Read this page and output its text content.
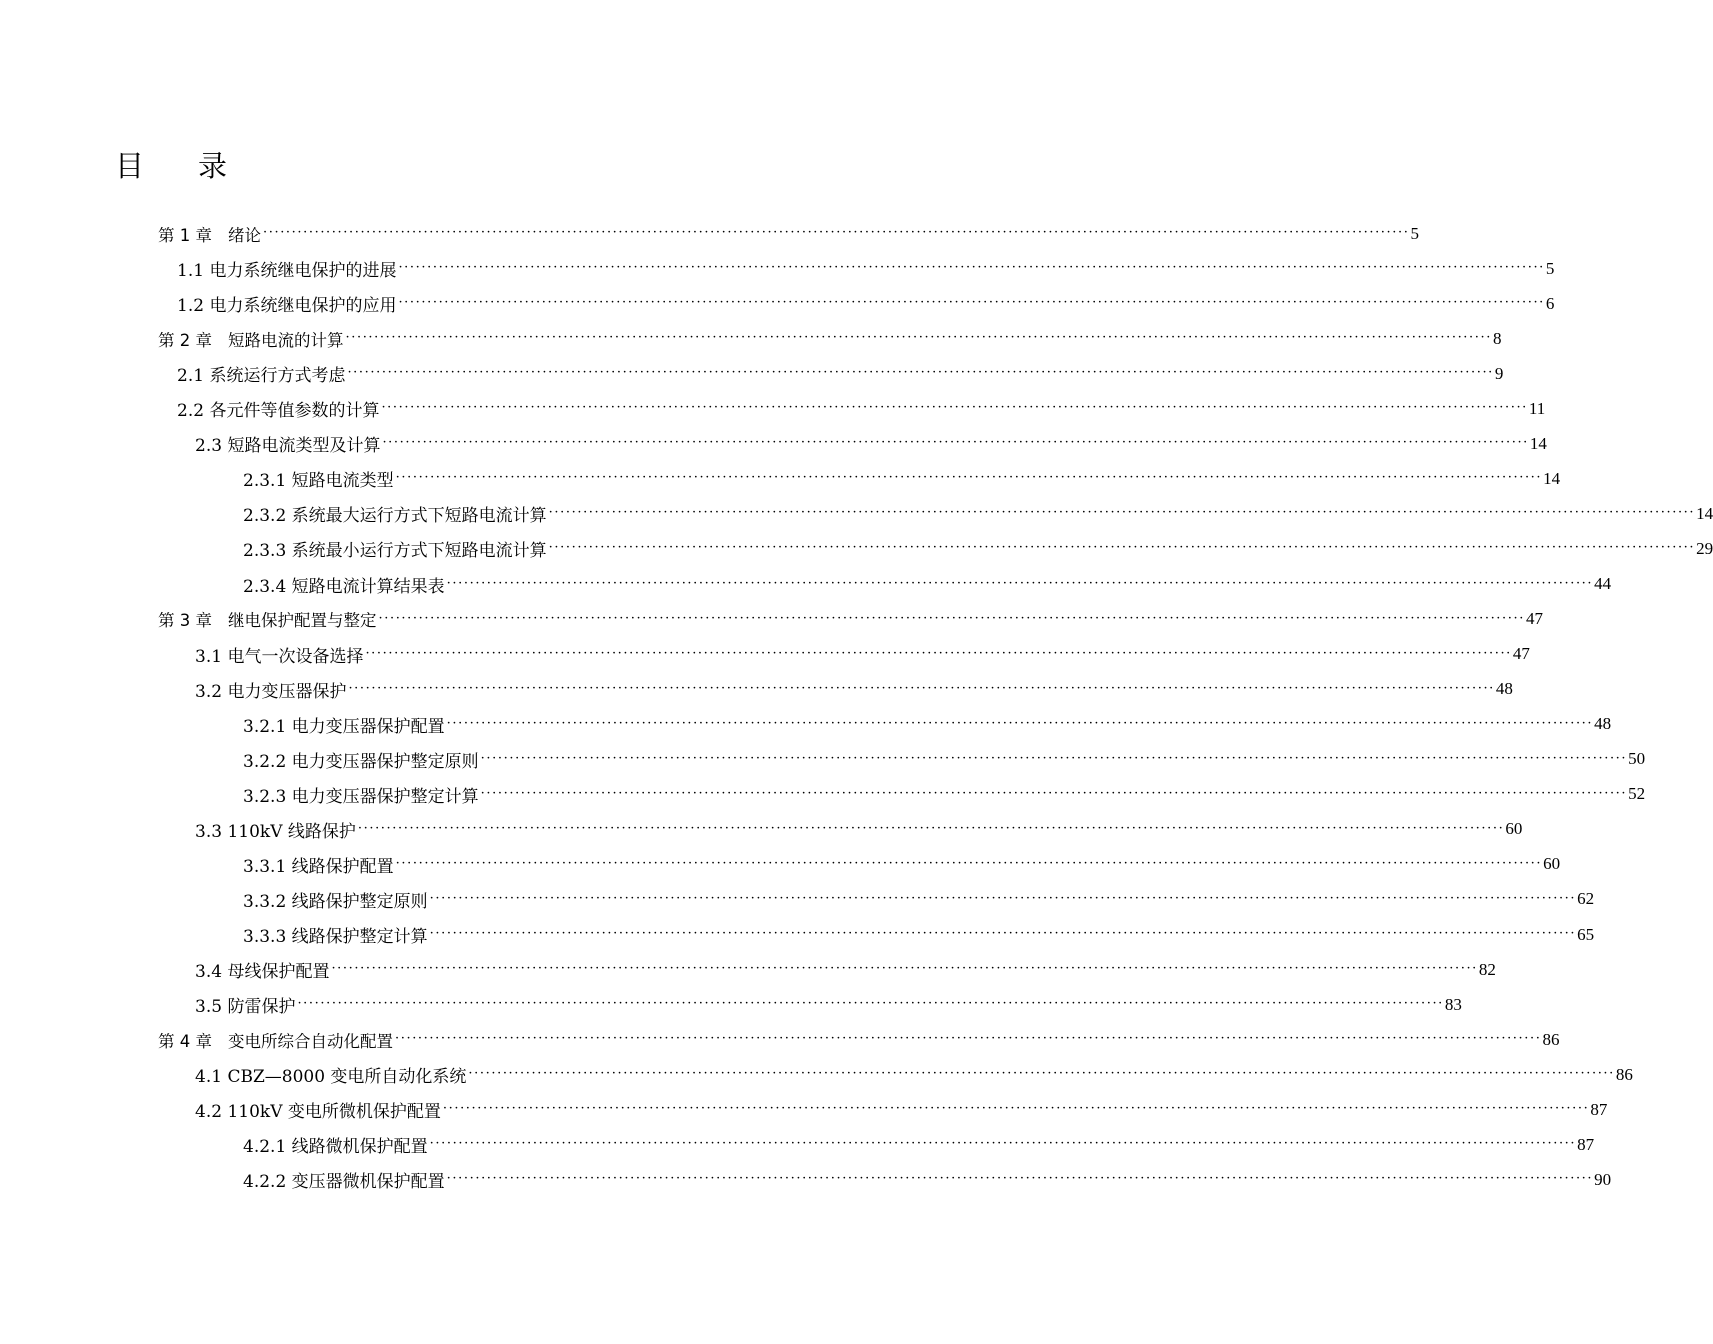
目 录
第 1 章 绪论 ········································································································································································································ 5
1.1 电力系统继电保护的进展 ········································································································································································································ 5
1.2 电力系统继电保护的应用 ········································································································································································································ 6
第 2 章 短路电流的计算 ········································································································································································································ 8
2.1 系统运行方式考虑 ········································································································································································································ 9
2.2 各元件等值参数的计算 ········································································································································································································ 11
2.3 短路电流类型及计算 ········································································································································································································ 14
2.3.1 短路电流类型 ········································································································································································································ 14
2.3.2 系统最大运行方式下短路电流计算 ········································································································································································································ 14
2.3.3 系统最小运行方式下短路电流计算 ········································································································································································································ 29
2.3.4 短路电流计算结果表 ········································································································································································································ 44
第 3 章 继电保护配置与整定 ········································································································································································································ 47
3.1 电气一次设备选择 ········································································································································································································ 47
3.2 电力变压器保护 ········································································································································································································ 48
3.2.1 电力变压器保护配置 ········································································································································································································ 48
3.2.2 电力变压器保护整定原则 ········································································································································································································ 50
3.2.3 电力变压器保护整定计算 ········································································································································································································ 52
3.3 110kV 线路保护 ········································································································································································································ 60
3.3.1 线路保护配置 ········································································································································································································ 60
3.3.2 线路保护整定原则 ········································································································································································································ 62
3.3.3 线路保护整定计算 ········································································································································································································ 65
3.4 母线保护配置 ········································································································································································································ 82
3.5 防雷保护 ········································································································································································································ 83
第 4 章 变电所综合自动化配置 ········································································································································································································ 86
4.1 CBZ—8000 变电所自动化系统 ········································································································································································································ 86
4.2 110kV 变电所微机保护配置 ········································································································································································································ 87
4.2.1 线路微机保护配置 ········································································································································································································ 87
4.2.2 变压器微机保护配置 ········································································································································································································ 90
